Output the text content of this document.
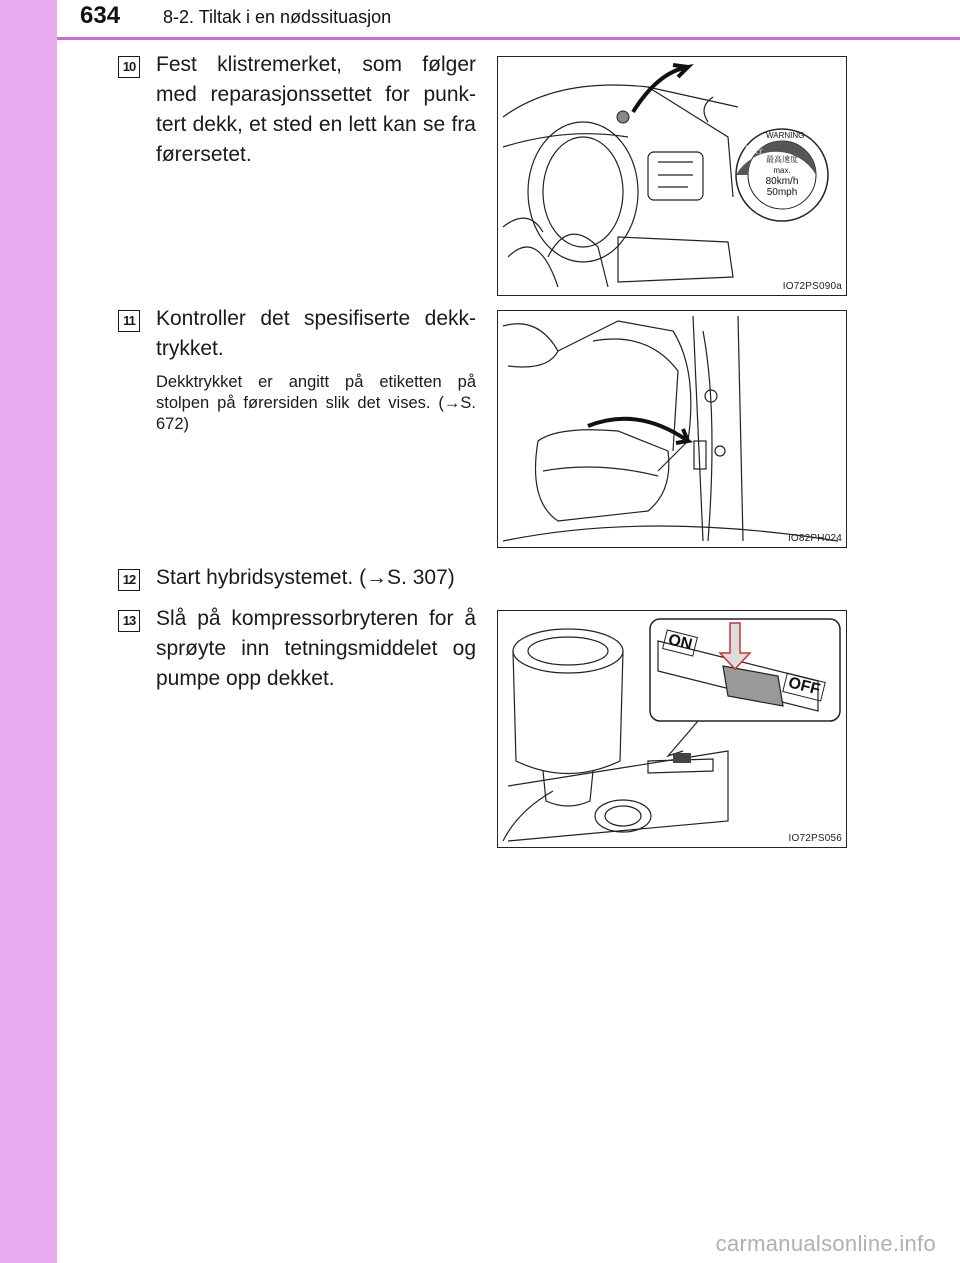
634 8-2. Tiltak i en nødssituasjon
10 Fest klistremerket, som følger med reparasjonssettet for punk-tert dekk, et sted en lett kan se fra førersetet.	最高速度
max.
80km/h
50mph
WARNING
警告
Drive to a dealer
IO72PS090a
11 Kontroller det spesifiserte dekk-trykket.
Dekktrykket er angitt på etiketten på stolpen på førersiden slik det vises. (→S. 672)
IO82PH024
12 Start hybridsystemet. (→S. 307)
13 Slå på kompressorbryteren for å sprøyte inn tetningsmiddelet og pumpe opp dekket.
ON
OFF
IO72PS056
carmanualsonline.info
